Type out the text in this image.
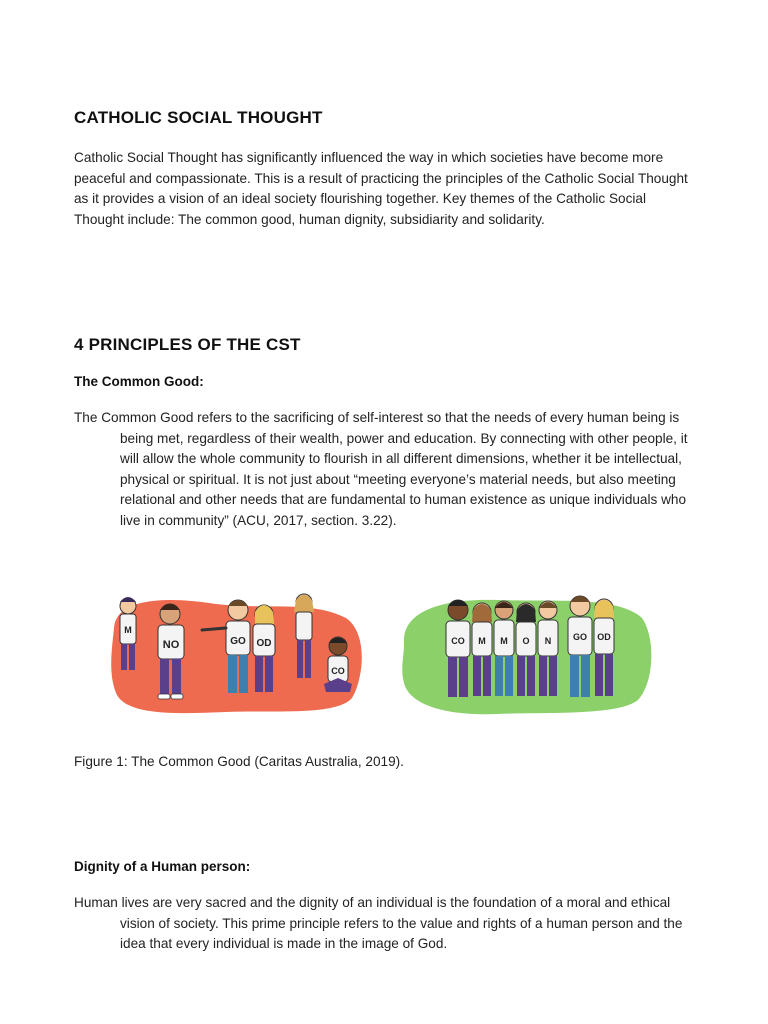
CATHOLIC SOCIAL THOUGHT

Catholic Social Thought has significantly influenced the way in which societies have become more peaceful and compassionate. This is a result of practicing the principles of the Catholic Social Thought as it provides a vision of an ideal society flourishing together. Key themes of the Catholic Social Thought include: The common good, human dignity, subsidiarity and solidarity.

4 PRINCIPLES OF THE CST
The Common Good:

The Common Good refers to the sacrificing of self-interest so that the needs of every human being is being met, regardless of their wealth, power and education. By connecting with other people, it will allow the whole community to flourish in all different dimensions, whether it be intellectual, physical or spiritual. It is not just about “meeting everyone’s material needs, but also meeting relational and other needs that are fundamental to human existence as unique individuals who live in community” (ACU, 2017, section. 3.22).

M
NO	GO OD
CO
CO M M O N GO OD
Figure 1: The Common Good (Caritas Australia, 2019).
Dignity of a Human person:

Human lives are very sacred and the dignity of an individual is the foundation of a moral and ethical vision of society. This prime principle refers to the value and rights of a human person and the idea that every individual is made in the image of God.
